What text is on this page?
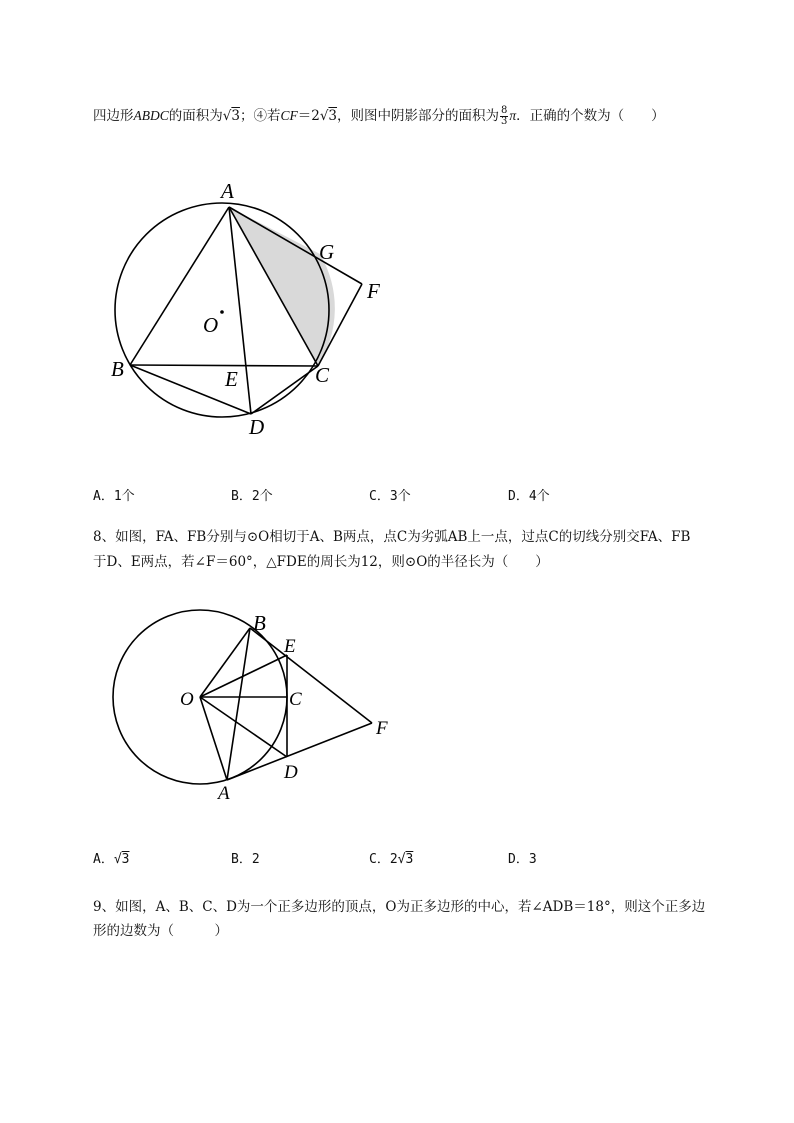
四边形ABDC的面积为√3；④若CF＝2√3，则图中阴影部分的面积为 $\frac{8}{3}$ π．正确的个数为（　　）
A
G
F
O
B	E	C
D
B
E
O	C
F
D
A
A．1个	B．2个	C．3个	D．4个
8、如图，FA、FB分别与⊙O相切于A、B两点，点C为劣弧AB上一点，过点C的切线分别交FA、FB
于D、E两点，若∠F＝60°，△FDE的周长为12，则⊙O的半径长为（　　）
A．√3	B．2	C．2√3	D．3
9、如图，A、B、C、D为一个正多边形的顶点，O为正多边形的中心，若∠ADB＝18°，则这个正多边
形的边数为（　　　）
